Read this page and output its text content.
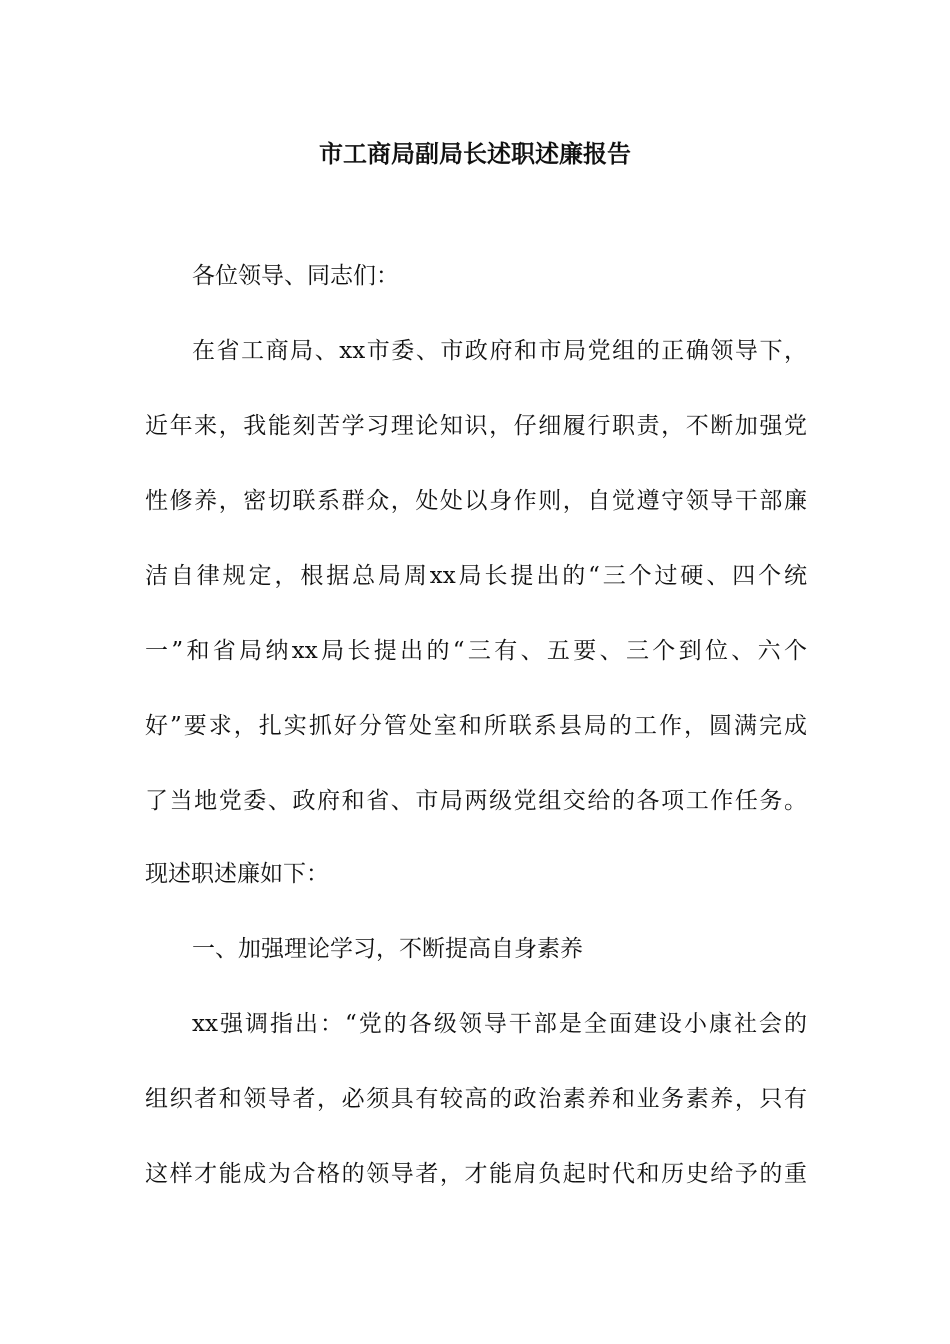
市工商局副局长述职述廉报告

各位领导、同志们：

在省工商局、xx市委、市政府和市局党组的正确领导下，

近年来，我能刻苦学习理论知识，仔细履行职责，不断加强党

性修养，密切联系群众，处处以身作则，自觉遵守领导干部廉

洁自律规定，根据总局周xx局长提出的“三个过硬、四个统

一”和省局纳xx局长提出的“三有、五要、三个到位、六个

好”要求，扎实抓好分管处室和所联系县局的工作，圆满完成

了当地党委、政府和省、市局两级党组交给的各项工作任务。

现述职述廉如下：

一、加强理论学习，不断提高自身素养

xx强调指出：“党的各级领导干部是全面建设小康社会的

组织者和领导者，必须具有较高的政治素养和业务素养，只有

这样才能成为合格的领导者，才能肩负起时代和历史给予的重
